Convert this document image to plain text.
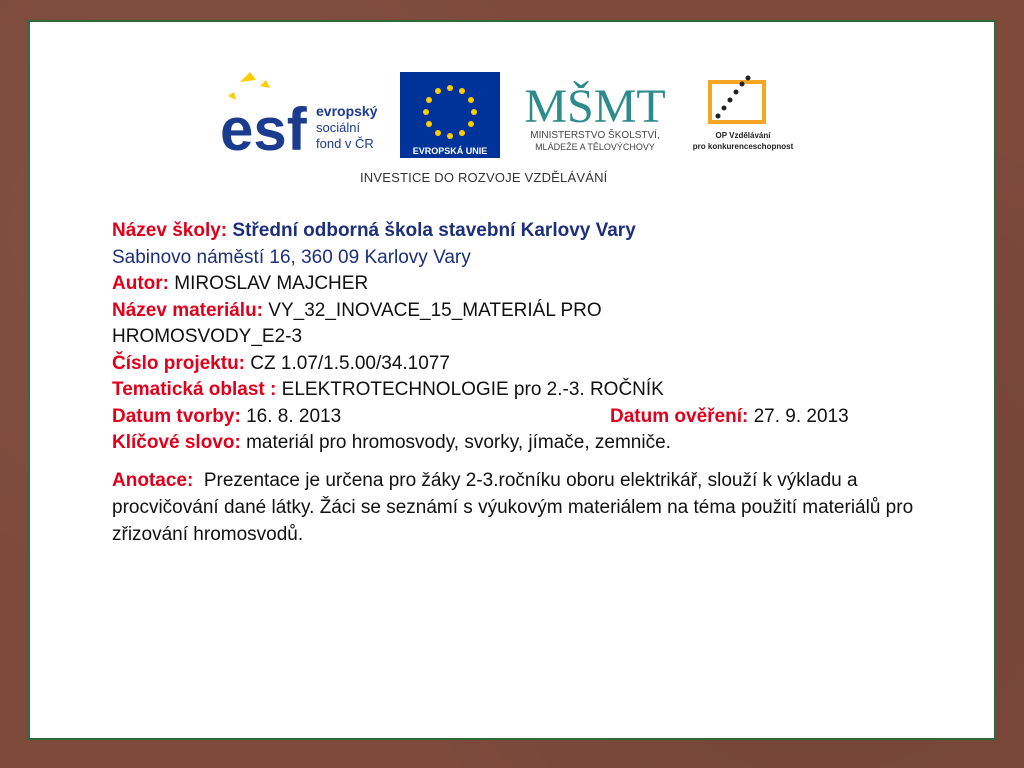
esf evropský
sociální
fond v ČR	EVROPSKÁ UNIE
MŠMT
MINISTERSTVO ŠKOLSTVÍ,
MLÁDEŽE A TĚLOVÝCHOVY
OP Vzdělávání
pro konkurenceschopnost
INVESTICE DO ROZVOJE VZDĚLÁVÁNÍ
Název školy: Střední odborná škola stavební Karlovy Vary
Sabinovo náměstí 16, 360 09 Karlovy Vary
Autor: MIROSLAV MAJCHER
Název materiálu: VY_32_INOVACE_15_MATERIÁL PRO
HROMOSVODY_E2-3
Číslo projektu: CZ 1.07/1.5.00/34.1077
Tematická oblast : ELEKTROTECHNOLOGIE pro 2.-3. ROČNÍK
Datum tvorby: 16. 8. 2013	Datum ověření: 27. 9. 2013
Klíčové slovo: materiál pro hromosvody, svorky, jímače, zemniče.
Anotace: Prezentace je určena pro žáky 2-3.ročníku oboru elektrikář, slouží k výkladu a procvičování dané látky. Žáci se seznámí s výukovým materiálem na téma použití materiálů pro zřizování hromosvodů.
